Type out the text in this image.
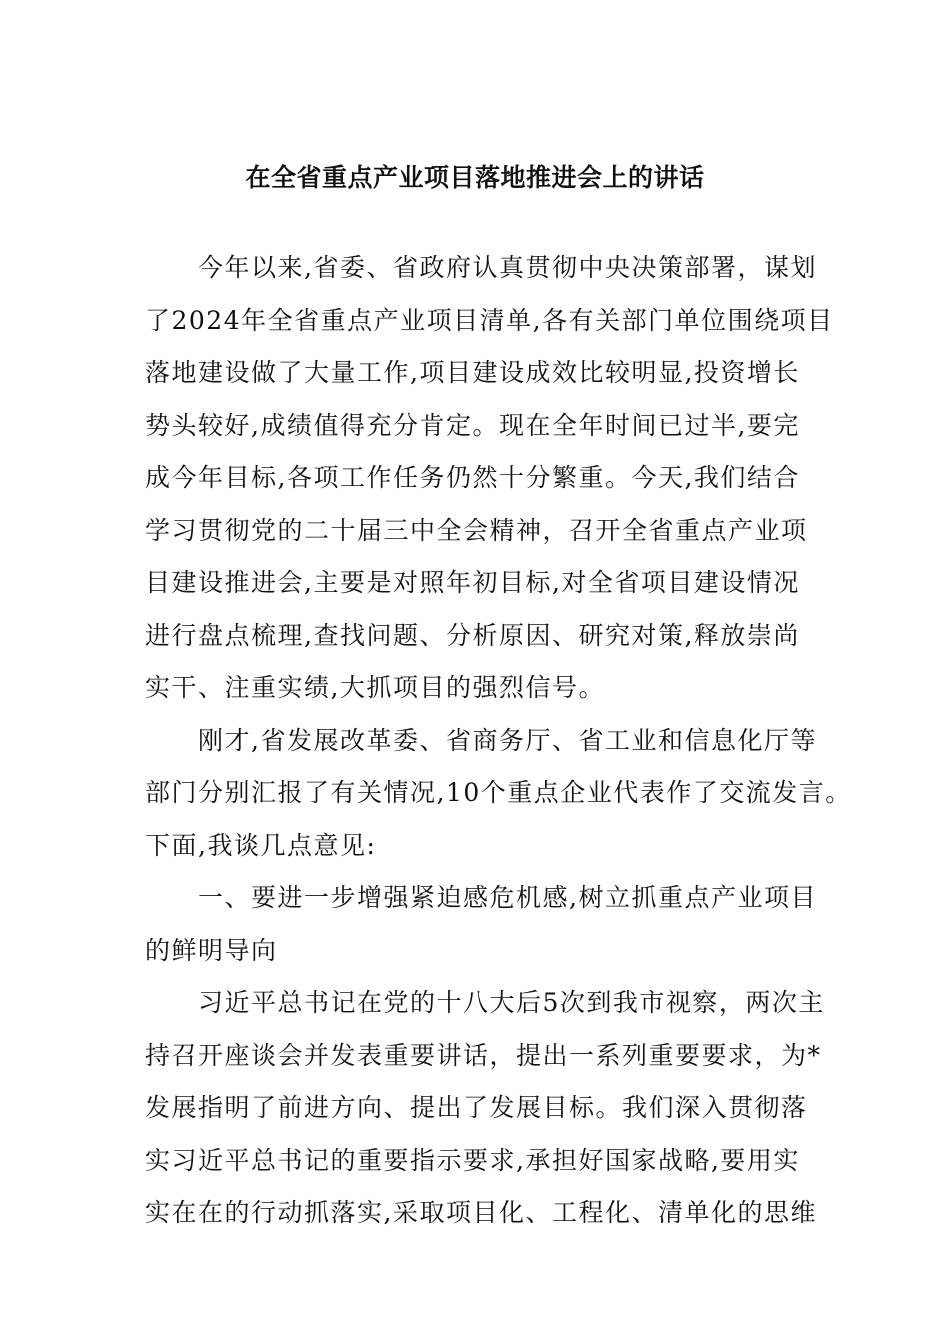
在全省重点产业项目落地推进会上的讲话
　　今年以来,省委、省政府认真贯彻中央决策部署，谋划
了2024年全省重点产业项目清单,各有关部门单位围绕项目
落地建设做了大量工作,项目建设成效比较明显,投资增长
势头较好,成绩值得充分肯定。现在全年时间已过半,要完
成今年目标,各项工作任务仍然十分繁重。今天,我们结合
学习贯彻党的二十届三中全会精神，召开全省重点产业项
目建设推进会,主要是对照年初目标,对全省项目建设情况
进行盘点梳理,查找问题、分析原因、研究对策,释放崇尚
实干、注重实绩,大抓项目的强烈信号。
　　刚才,省发展改革委、省商务厅、省工业和信息化厅等
部门分别汇报了有关情况,10个重点企业代表作了交流发言。
下面,我谈几点意见:
　　一、要进一步增强紧迫感危机感,树立抓重点产业项目
的鲜明导向
　　习近平总书记在党的十八大后5次到我市视察，两次主
持召开座谈会并发表重要讲话，提出一系列重要要求，为*
发展指明了前进方向、提出了发展目标。我们深入贯彻落
实习近平总书记的重要指示要求,承担好国家战略,要用实
实在在的行动抓落实,采取项目化、工程化、清单化的思维
